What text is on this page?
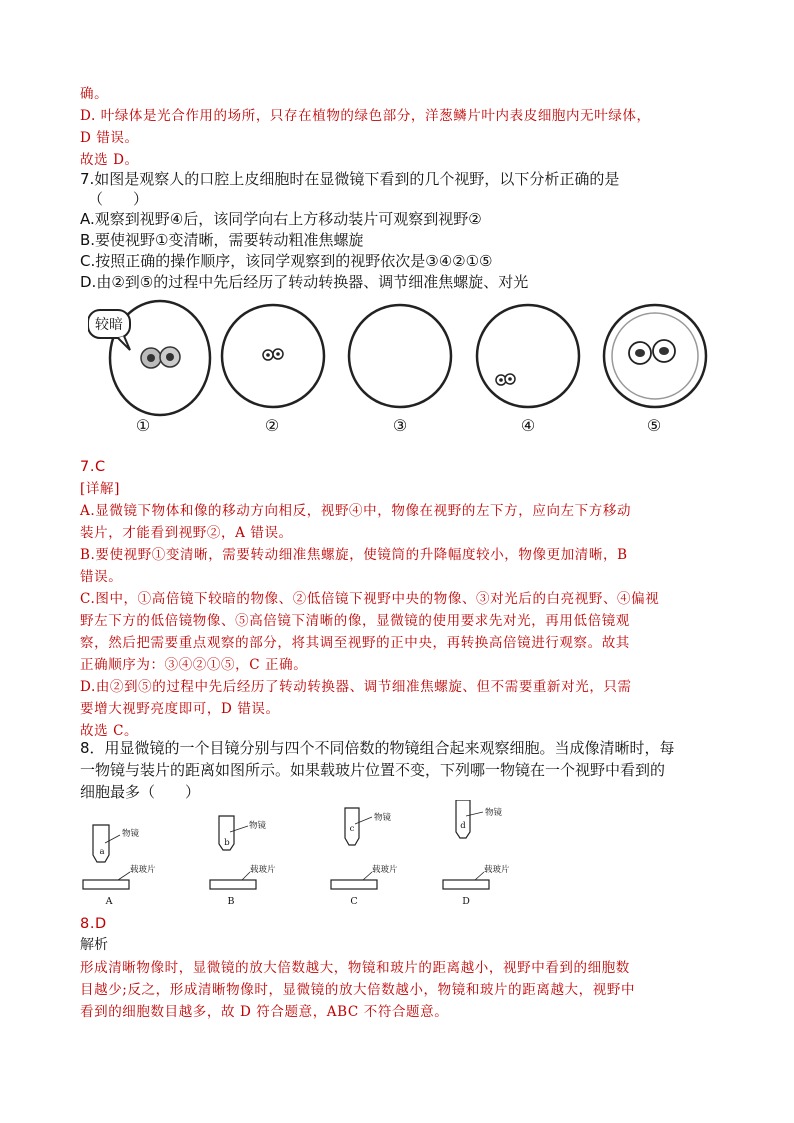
确。
D. 叶绿体是光合作用的场所，只存在植物的绿色部分，洋葱鳞片叶内表皮细胞内无叶绿体，
D 错误。
故选 D。
7.如图是观察人的口腔上皮细胞时在显微镜下看到的几个视野，以下分析正确的是
（　　）
A.观察到视野④后，该同学向右上方移动装片可观察到视野②
B.要使视野①变清晰，需要转动粗准焦螺旋
C.按照正确的操作顺序，该同学观察到的视野依次是③④②①⑤
D.由②到⑤的过程中先后经历了转动转换器、调节细准焦螺旋、对光
较暗
①	②	③	④	⑤
7.C
[详解]
A.显微镜下物体和像的移动方向相反，视野④中，物像在视野的左下方，应向左下方移动
装片，才能看到视野②，A 错误。
B.要使视野①变清晰，需要转动细准焦螺旋，使镜筒的升降幅度较小，物像更加清晰，B
错误。
C.图中，①高倍镜下较暗的物像、②低倍镜下视野中央的物像、③对光后的白亮视野、④偏视
野左下方的低倍镜物像、⑤高倍镜下清晰的像，显微镜的使用要求先对光，再用低倍镜观
察，然后把需要重点观察的部分，将其调至视野的正中央，再转换高倍镜进行观察。故其
正确顺序为：③④②①⑤，C 正确。
D.由②到⑤的过程中先后经历了转动转换器、调节细准焦螺旋、但不需要重新对光，只需
要增大视野亮度即可，D 错误。
故选 C。
8．用显微镜的一个目镜分别与四个不同倍数的物镜组合起来观察细胞。当成像清晰时，每
一物镜与装片的距离如图所示。如果载玻片位置不变，下列哪一物镜在一个视野中看到的
细胞最多（　　）
物镜
a
载玻片
A
物镜
b
载玻片
B
物镜
c
载玻片
C
物镜
d
载玻片
D
8.D
解析
形成清晰物像时，显微镜的放大倍数越大，物镜和玻片的距离越小，视野中看到的细胞数
目越少;反之，形成清晰物像时，显微镜的放大倍数越小，物镜和玻片的距离越大，视野中
看到的细胞数目越多，故 D 符合题意，ABC 不符合题意。
